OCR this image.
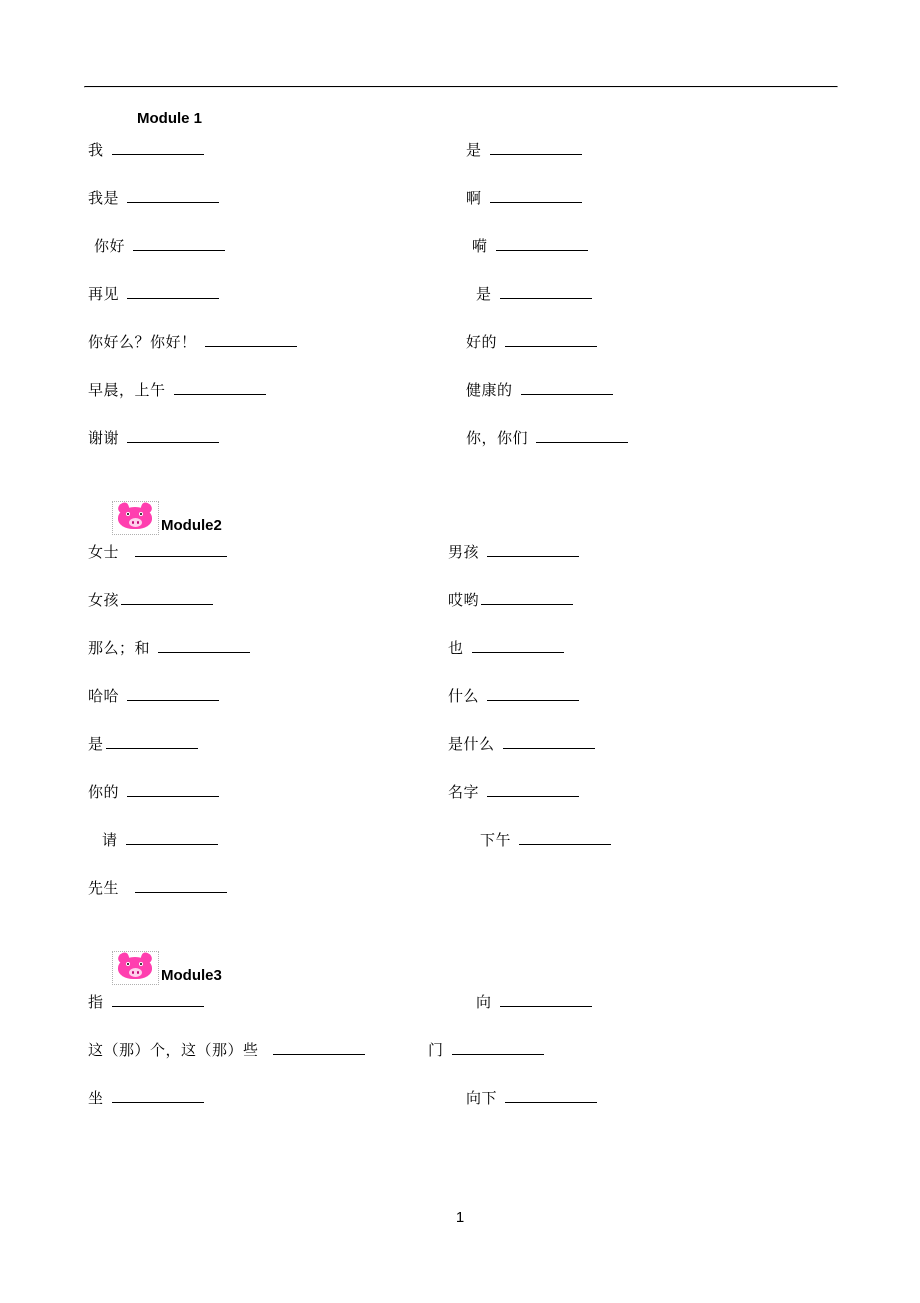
Module 1
我	是
我是	啊
你好	嗬
再见	是
你好么？你好！	好的
早晨，上午	健康的
谢谢	你，你们
Module2
女士	男孩
女孩	哎哟
那么；和	也
哈哈	什么
是	是什么
你的	名字
请	下午
先生
Module3
指	向
这（那）个，这（那）些	门
坐	向下
1
